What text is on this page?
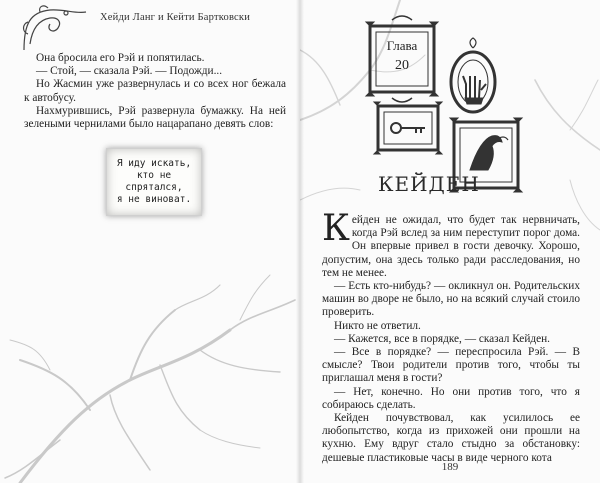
Хейди Ланг и Кейти Бартковски

Она бросила его Рэй и попятилась.

— Стой, — сказала Рэй. — Подожди...

Но Жасмин уже развернулась и со всех ног бежала к автобусу.

Нахмурившись, Рэй развернула бумажку. На ней зелеными чернилами было нацарапано девять слов:

Я иду искать,
кто не спрятался,
я не виноват.
Глава
20
КЕЙДЕН

Кейден не ожидал, что будет так нервничать, когда Рэй вслед за ним переступит порог дома. Он впервые привел в гости девочку. Хорошо, допустим, она здесь только ради расследования, но тем не менее.

— Есть кто-нибудь? — окликнул он. Родительских машин во дворе не было, но на всякий случай стоило проверить.

Никто не ответил.

— Кажется, все в порядке, — сказал Кейден.

— Все в порядке? — переспросила Рэй. — В смысле? Твои родители против того, чтобы ты приглашал меня в гости?

— Нет, конечно. Но они против того, что я собираюсь сделать.

Кейден почувствовал, как усилилось ее любопытство, когда из прихожей они прошли на кухню. Ему вдруг стало стыдно за обстановку: дешевые пластиковые часы в виде черного кота

189
